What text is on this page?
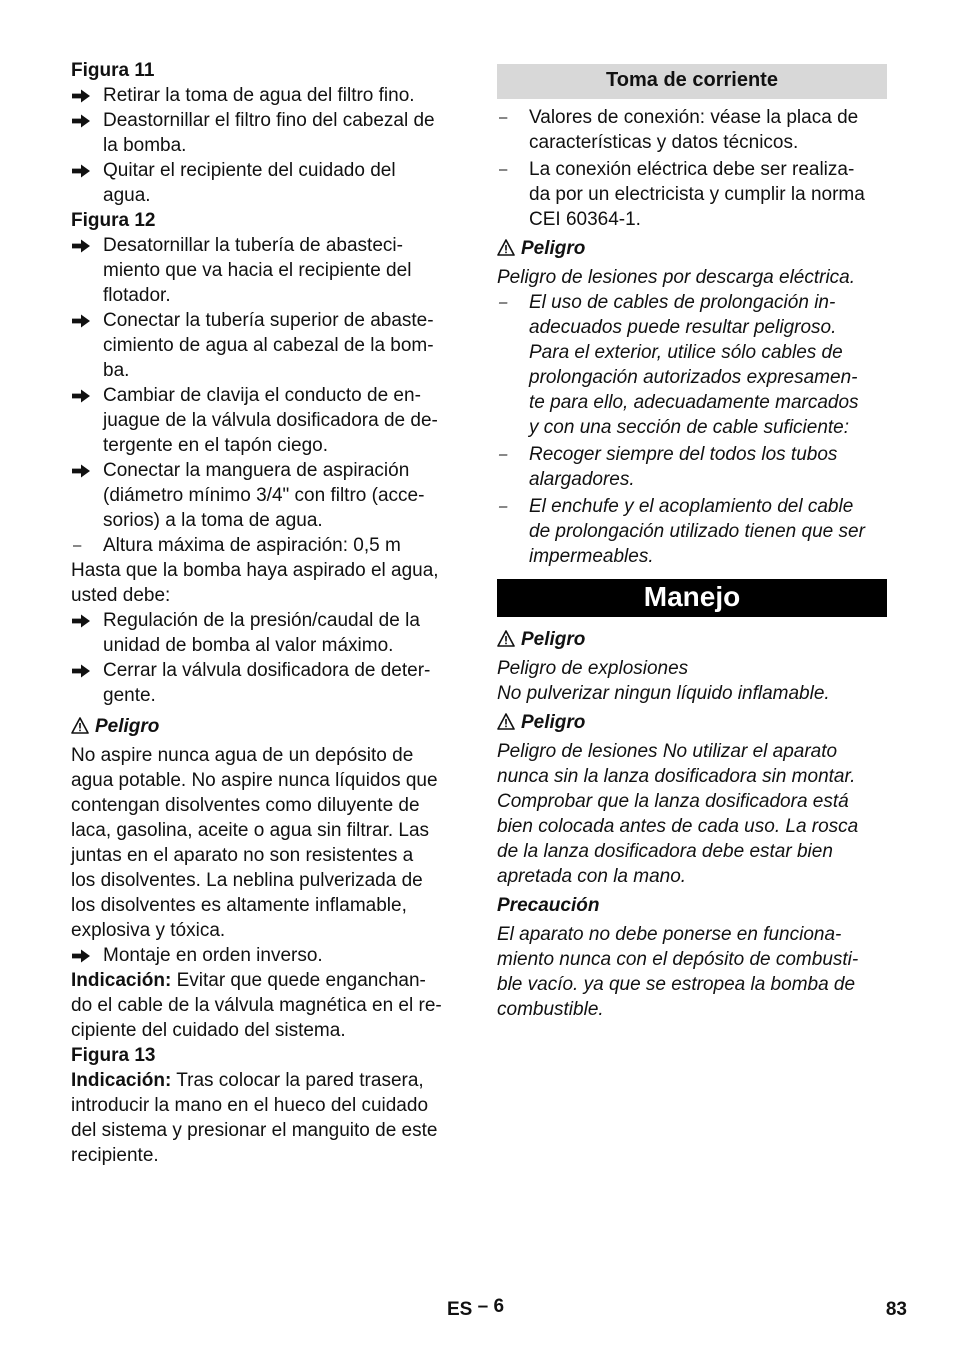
Figura 11
Retirar la toma de agua del filtro fino.
Deastornillar el filtro fino del cabezal de
la bomba.
Quitar el recipiente del cuidado del
agua.
Figura 12
Desatornillar la tubería de abasteci-
miento que va hacia el recipiente del
flotador.
Conectar la tubería superior de abaste-
cimiento de agua al cabezal de la bom-
ba.
Cambiar de clavija el conducto de en-
juague de la válvula dosificadora de de-
tergente en el tapón ciego.
Conectar la manguera de aspiración
(diámetro mínimo 3/4" con filtro (acce-
sorios) a la toma de agua.
– Altura máxima de aspiración: 0,5 m
Hasta que la bomba haya aspirado el agua,
usted debe:
Regulación de la presión/caudal de la
unidad de bomba al valor máximo.
Cerrar la válvula dosificadora de deter-
gente.
Peligro
No aspire nunca agua de un depósito de
agua potable. No aspire nunca líquidos que
contengan disolventes como diluyente de
laca, gasolina, aceite o agua sin filtrar. Las
juntas en el aparato no son resistentes a
los disolventes. La neblina pulverizada de
los disolventes es altamente inflamable,
explosiva y tóxica.
Montaje en orden inverso.
Indicación: Evitar que quede enganchan-
do el cable de la válvula magnética en el re-
cipiente del cuidado del sistema.
Figura 13
Indicación: Tras colocar la pared trasera,
introducir la mano en el hueco del cuidado
del sistema y presionar el manguito de este
recipiente.
Toma de corriente
– Valores de conexión: véase la placa de
características y datos técnicos.
– La conexión eléctrica debe ser realiza-
da por un electricista y cumplir la norma
CEI 60364-1.
Peligro
Peligro de lesiones por descarga eléctrica.
– El uso de cables de prolongación in-
adecuados puede resultar peligroso.
Para el exterior, utilice sólo cables de
prolongación autorizados expresamen-
te para ello, adecuadamente marcados
y con una sección de cable suficiente:
– Recoger siempre del todos los tubos
alargadores.
– El enchufe y el acoplamiento del cable
de prolongación utilizado tienen que ser
impermeables.
Manejo
Peligro
Peligro de explosiones
No pulverizar ningun líquido inflamable.
Peligro
Peligro de lesiones No utilizar el aparato
nunca sin la lanza dosificadora sin montar.
Comprobar que la lanza dosificadora está
bien colocada antes de cada uso. La rosca
de la lanza dosificadora debe estar bien
apretada con la mano.
Precaución
El aparato no debe ponerse en funciona-
miento nunca con el depósito de combusti-
ble vacío. ya que se estropea la bomba de
combustible.
ES – 6	83
